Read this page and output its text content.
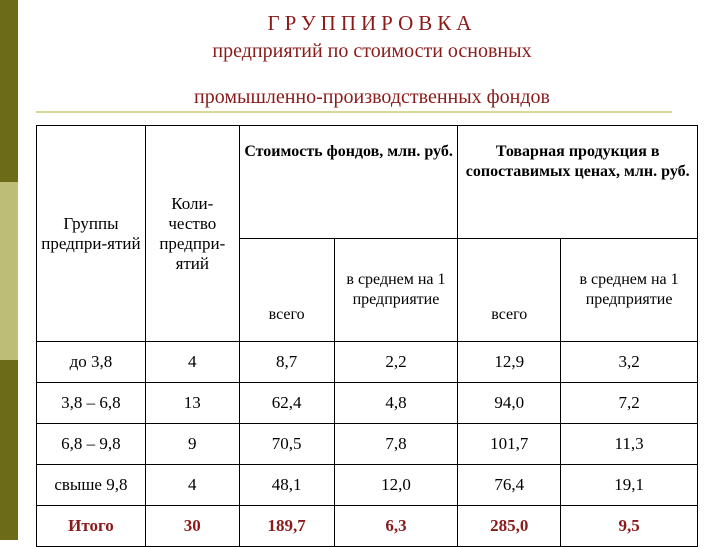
ГРУППИРОВКА
предприятий по стоимости основных
промышленно-производственных фондов
Группы предпри-ятий	Коли-чество предпри-ятий	Стоимость фондов, млн. руб.		Товарная продукция в сопоставимых ценах, млн. руб.	
		всего	в среднем на 1 предприятие	всего	в среднем на 1 предприятие
до 3,8	4	8,7	2,2	12,9	3,2
3,8 – 6,8	13	62,4	4,8	94,0	7,2
6,8 – 9,8	9	70,5	7,8	101,7	11,3
свыше 9,8	4	48,1	12,0	76,4	19,1
Итого	30	189,7	6,3	285,0	9,5
